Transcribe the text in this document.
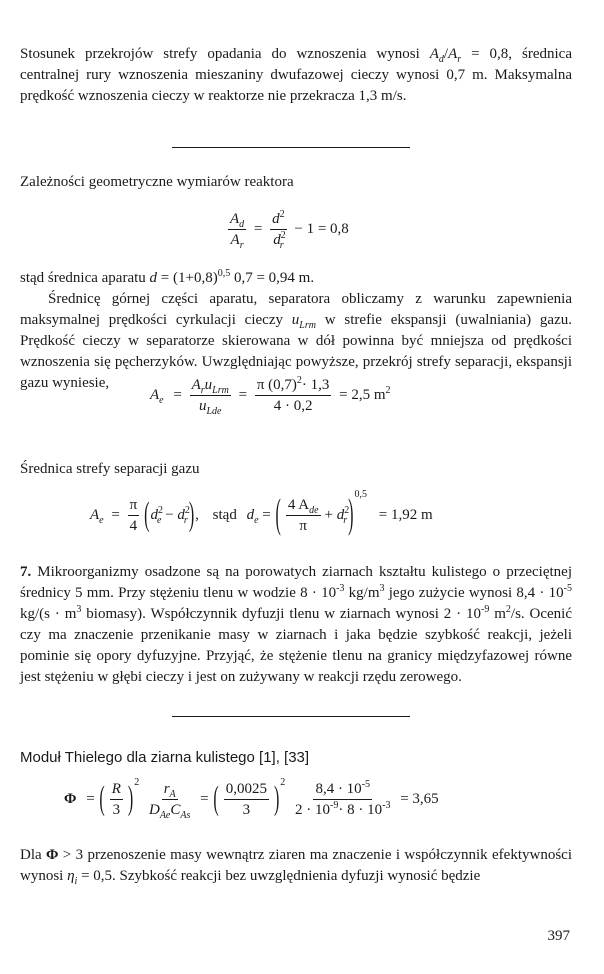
Stosunek przekrojów strefy opadania do wznoszenia wynosi $A_d/A_r = 0,8$, średnica centralnej rury wznoszenia mieszaniny dwufazowej cieczy wynosi 0,7 m. Maksymalna prędkość wznoszenia cieczy w reaktorze nie przekracza 1,3 m/s.

Zależności geometryczne wymiarów reaktora

$\frac{A_d}{A_r} = \frac{d^2}{d^2_r} - 1 = 0,8$

stąd średnica aparatu $d = (1+0,8)^{0,5}$ 0,7 = 0,94 m.

Średnicę górnej części aparatu, separatora obliczamy z warunku zapewnienia maksymalnej prędkości cyrkulacji cieczy $u_{Lrm}$ w strefie ekspansji (uwalniania) gazu. Prędkość cieczy w separatorze skierowana w dół powinna być mniejsza od prędkości wznoszenia się pęcherzyków. Uwzględniając powyższe, przekrój strefy separacji, ekspansji gazu wyniesie,

$A_e = \frac{A_ru_{Lrm}}{u_{Lde}} = \frac{\pi (0,7)^2\cdot 1,3}{4 \cdot 0,2} = 2,5$ $m^2$

Średnica strefy separacji gazu

$A_e = \frac{\pi}{4} (d^2_e - d^2_r)$, stąd $d_e$ = ( $\frac{4 A_{de}}{\pi} + d^2_r)^{0,5} = 1,92$ m

7. Mikroorganizmy osadzone są na porowatych ziarnach kształtu kulistego o przeciętnej średnicy 5 mm. Przy stężeniu tlenu w wodzie $8 \cdot 10^{-3}$ $kg/m^3$ jego zużycie wynosi $8,4 \cdot 10^{-5}$ $kg/(s \cdot m^3$ biomasy). Współczynnik dyfuzji tlenu w ziarnach wynosi $2 \cdot 10^{-9}$ $m^2/s$. Ocenić czy ma znaczenie przenikanie masy w ziarnach i jaka będzie szybkość reakcji, jeżeli pominie się opory dyfuzyjne. Przyjąć, że stężenie tlenu na granicy międzyfazowej równe jest stężeniu w głębi cieczy i jest on zużywany w reakcji rzędu zerowego.

Moduł Thielego dla ziarna kulistego [1], [33]

Φ = ( $\frac{R}{3} )^2 \frac{r_A}{D_{Ae}C_{As}}$ = ( $\frac{0,0025}{3} )^2 \frac{8,4 \cdot 10^{-5}}{2 \cdot 10^{-9}\cdot 8 \cdot 10^{-3}} = 3,65$

Dla Φ > 3 przenoszenie masy wewnątrz ziaren ma znaczenie i współczynnik efektywności wynosi $\eta_i = 0,5$. Szybkość reakcji bez uwzględnienia dyfuzji wynosić będzie

397
